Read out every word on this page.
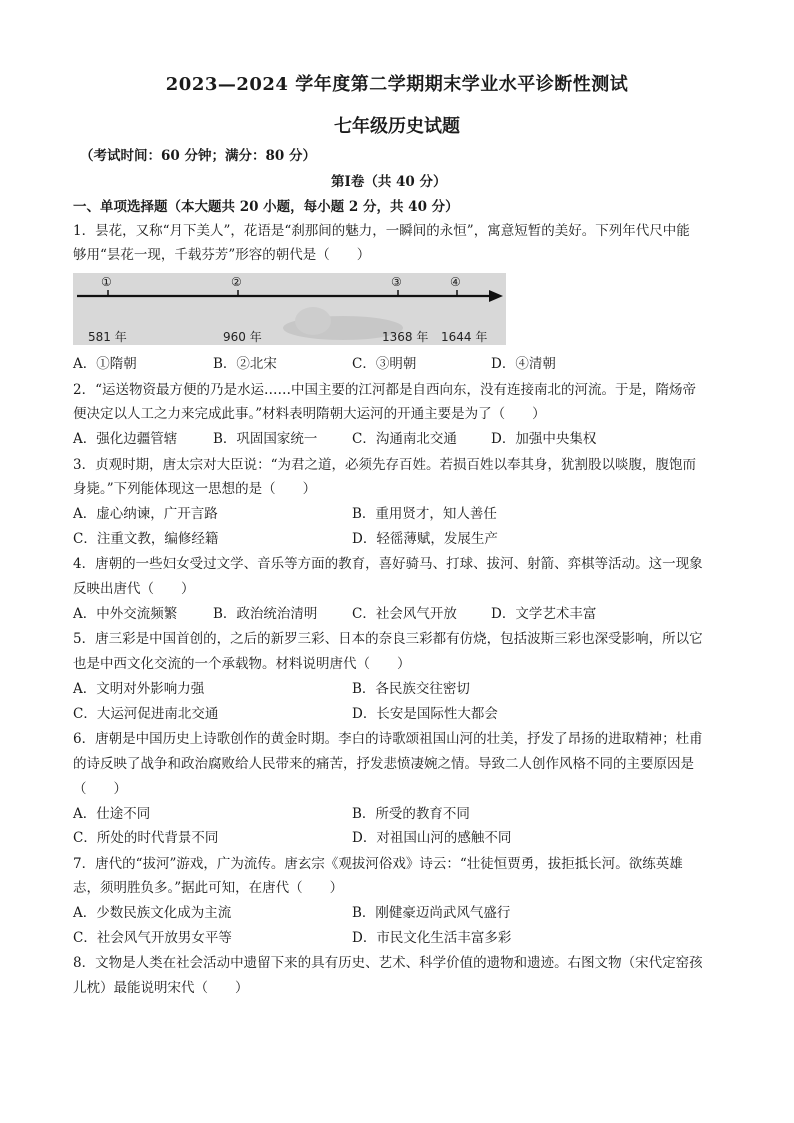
2023—2024 学年度第二学期期末学业水平诊断性测试
七年级历史试题
（考试时间：60 分钟；满分：80 分）
第Ⅰ卷（共 40 分）
一、单项选择题（本大题共 20 小题，每小题 2 分，共 40 分）
1．昙花，又称“月下美人”，花语是“刹那间的魅力，一瞬间的永恒”，寓意短暂的美好。下列年代尺中能
够用“昙花一现，千载芬芳”形容的朝代是（　　）
①	②	③	④
581 年	960 年	1368 年 1644 年
A．①隋朝	B．②北宋	C．③明朝	D．④清朝
2．“运送物资最方便的乃是水运……中国主要的江河都是自西向东，没有连接南北的河流。于是，隋炀帝
便决定以人工之力来完成此事。”材料表明隋朝大运河的开通主要是为了（　　）
A．强化边疆管辖	B．巩固国家统一	C．沟通南北交通	D．加强中央集权
3．贞观时期，唐太宗对大臣说：“为君之道，必须先存百姓。若损百姓以奉其身，犹割股以啖腹，腹饱而
身毙。”下列能体现这一思想的是（　　）
A．虚心纳谏，广开言路	B．重用贤才，知人善任
C．注重文教，编修经籍	D．轻徭薄赋，发展生产
4．唐朝的一些妇女受过文学、音乐等方面的教育，喜好骑马、打球、拔河、射箭、弈棋等活动。这一现象
反映出唐代（　　）
A．中外交流频繁	B．政治统治清明	C．社会风气开放	D．文学艺术丰富
5．唐三彩是中国首创的，之后的新罗三彩、日本的奈良三彩都有仿烧，包括波斯三彩也深受影响，所以它
也是中西文化交流的一个承载物。材料说明唐代（　　）
A．文明对外影响力强	B．各民族交往密切
C．大运河促进南北交通	D．长安是国际性大都会
6．唐朝是中国历史上诗歌创作的黄金时期。李白的诗歌颂祖国山河的壮美，抒发了昂扬的进取精神；杜甫
的诗反映了战争和政治腐败给人民带来的痛苦，抒发悲愤凄婉之情。导致二人创作风格不同的主要原因是
（　　）
A．仕途不同	B．所受的教育不同
C．所处的时代背景不同	D．对祖国山河的感触不同
7．唐代的“拔河”游戏，广为流传。唐玄宗《观拔河俗戏》诗云：“壮徒恒贾勇，拔拒抵长河。欲练英雄
志，须明胜负多。”据此可知，在唐代（　　）
A．少数民族文化成为主流	B．刚健豪迈尚武风气盛行
C．社会风气开放男女平等	D．市民文化生活丰富多彩
8．文物是人类在社会活动中遗留下来的具有历史、艺术、科学价值的遗物和遗迹。右图文物（宋代定窑孩
儿枕）最能说明宋代（　　）
